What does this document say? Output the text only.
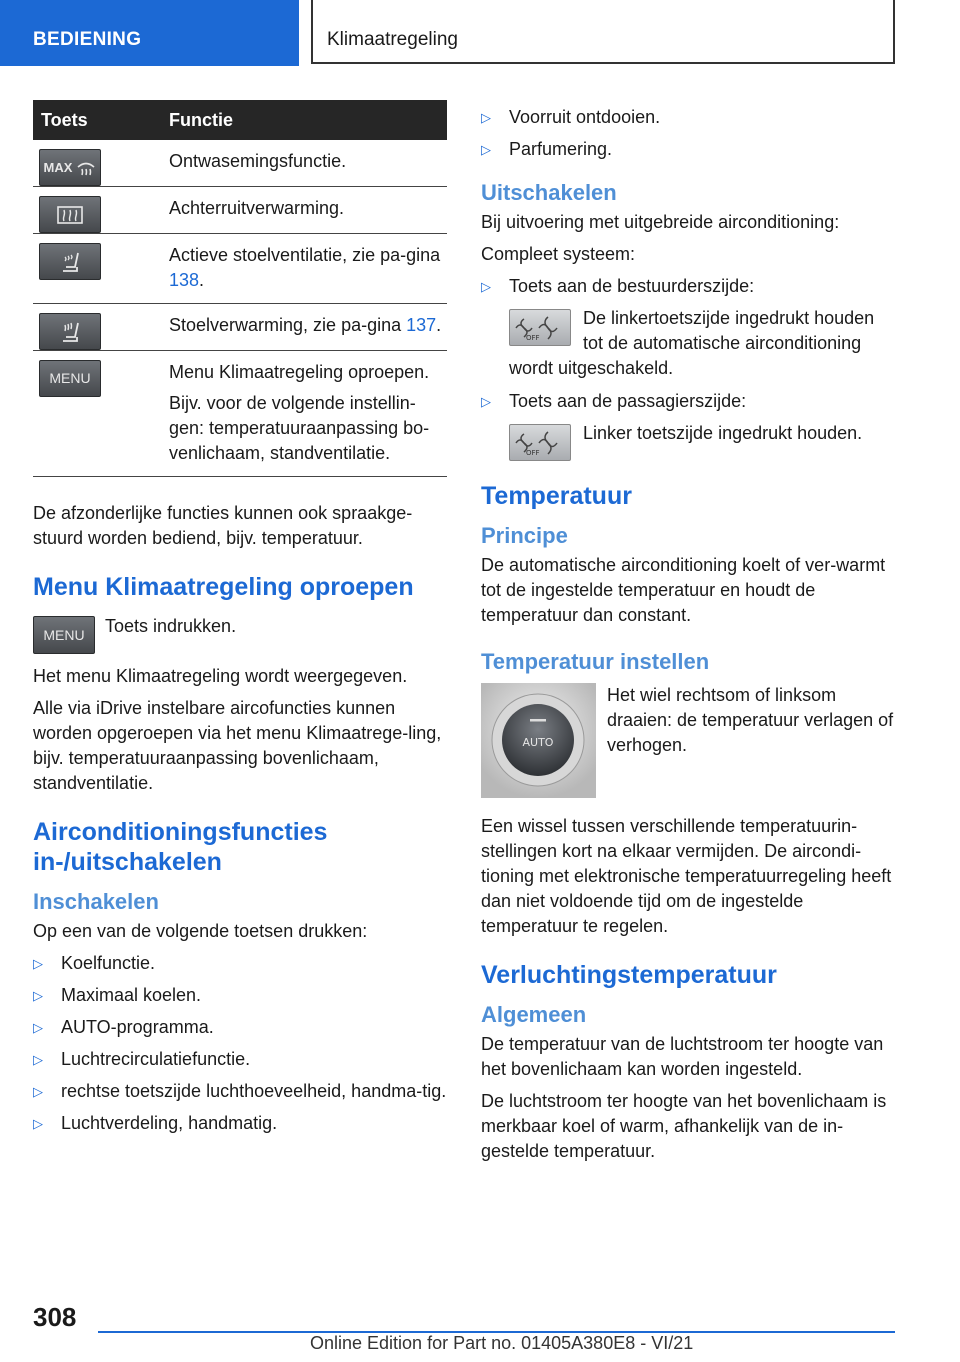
BEDIENING	Klimaatregeling
Toets	Functie

MAX	Ontwasemingsfunctie.

Achterruitverwarming.

Actieve stoelventilatie, zie pa-gina 138.

Stoelverwarming, zie pa-gina 137.

MENU	Menu Klimaatregeling oproepen.

Bijv. voor de volgende instellin-gen: temperatuuraanpassing bo-venlichaam, standventilatie.

De afzonderlijke functies kunnen ook spraakge-stuurd worden bediend, bijv. temperatuur.

Menu Klimaatregeling oproepen
MENU Toets indrukken.

Het menu Klimaatregeling wordt weergegeven.

Alle via iDrive instelbare aircofuncties kunnen worden opgeroepen via het menu Klimaatrege-ling, bijv. temperatuuraanpassing bovenlichaam, standventilatie.

Airconditioningsfuncties in-/uitschakelen
Inschakelen

Op een van de volgende toetsen drukken:

▷ Koelfunctie.
▷ Maximaal koelen.
▷ AUTO-programma.
▷ Luchtrecirculatiefunctie.
▷ rechtse toetszijde luchthoeveelheid, handma-tig.
▷ Luchtverdeling, handmatig.
▷ Voorruit ontdooien.
▷ Parfumering.
Uitschakelen

Bij uitvoering met uitgebreide airconditioning:

Compleet systeem:

▷ Toets aan de bestuurderszijde:
OFF
De linkertoetszijde ingedrukt houden tot de automatische airconditioning wordt uitgeschakeld.
▷ Toets aan de passagierszijde:
OFF
Linker toetszijde ingedrukt houden.
Temperatuur
Principe

De automatische airconditioning koelt of ver-warmt tot de ingestelde temperatuur en houdt de temperatuur dan constant.

Temperatuur instellen
AUTO
Het wiel rechtsom of linksom draaien: de temperatuur verlagen of verhogen.

Een wissel tussen verschillende temperatuurin-stellingen kort na elkaar vermijden. De aircondi-tioning met elektronische temperatuurregeling heeft dan niet voldoende tijd om de ingestelde temperatuur te regelen.

Verluchtingstemperatuur
Algemeen

De temperatuur van de luchtstroom ter hoogte van het bovenlichaam kan worden ingesteld.

De luchtstroom ter hoogte van het bovenlichaam is merkbaar koel of warm, afhankelijk van de in-gestelde temperatuur.

308
Online Edition for Part no. 01405A380E8 - VI/21
